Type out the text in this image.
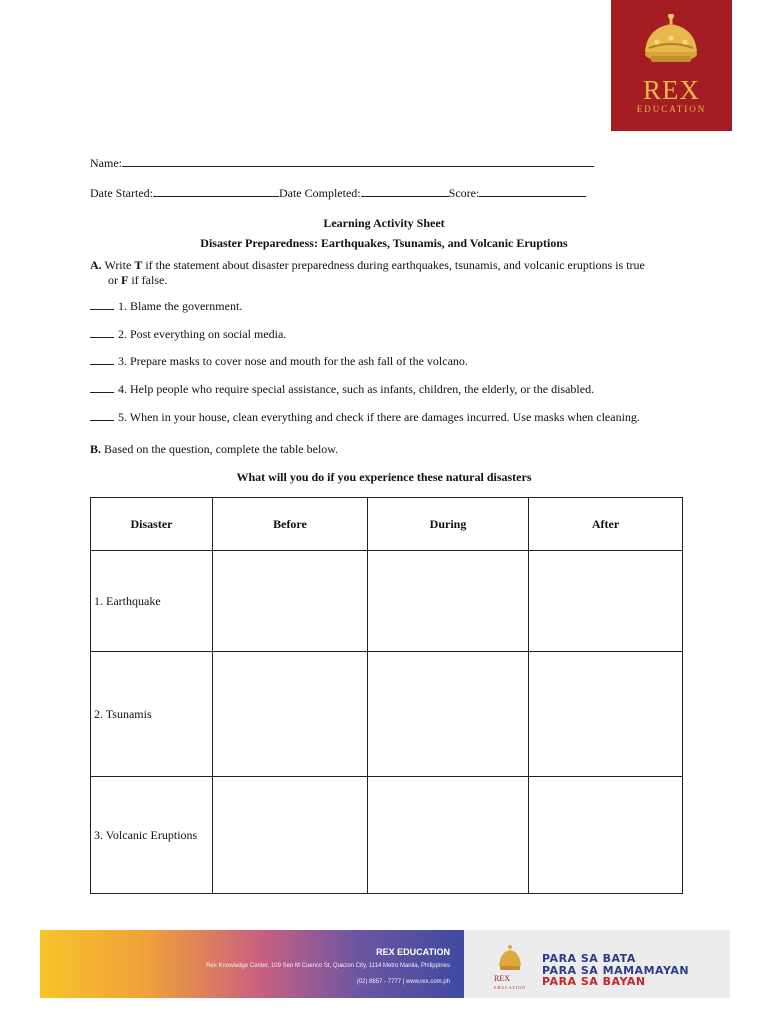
REX
EDUCATION
Name:
Date Started:	Date Completed:	Score:
Learning Activity Sheet
Disaster Preparedness: Earthquakes, Tsunamis, and Volcanic Eruptions
A. Write T if the statement about disaster preparedness during earthquakes, tsunamis, and volcanic eruptions is true
or F if false.
1. Blame the government.
2. Post everything on social media.
3. Prepare masks to cover nose and mouth for the ash fall of the volcano.
4. Help people who require special assistance, such as infants, children, the elderly, or the disabled.
5. When in your house, clean everything and check if there are damages incurred. Use masks when cleaning.
B. Based on the question, complete the table below.
What will you do if you experience these natural disasters
Disaster	Before	During	After
1. Earthquake			
2. Tsunamis			
3. Volcanic Eruptions			
REX EDUCATION
Rex Knowledge Center, 109 Sen M Cuenco St, Quezon City, 1114 Metro Manila, Philippines
(02) 8857 - 7777 | www.rex.com.ph	REX
EDUCATION
PARA SA BATA
PARA SA MAMAMAYAN
PARA SA BAYAN
